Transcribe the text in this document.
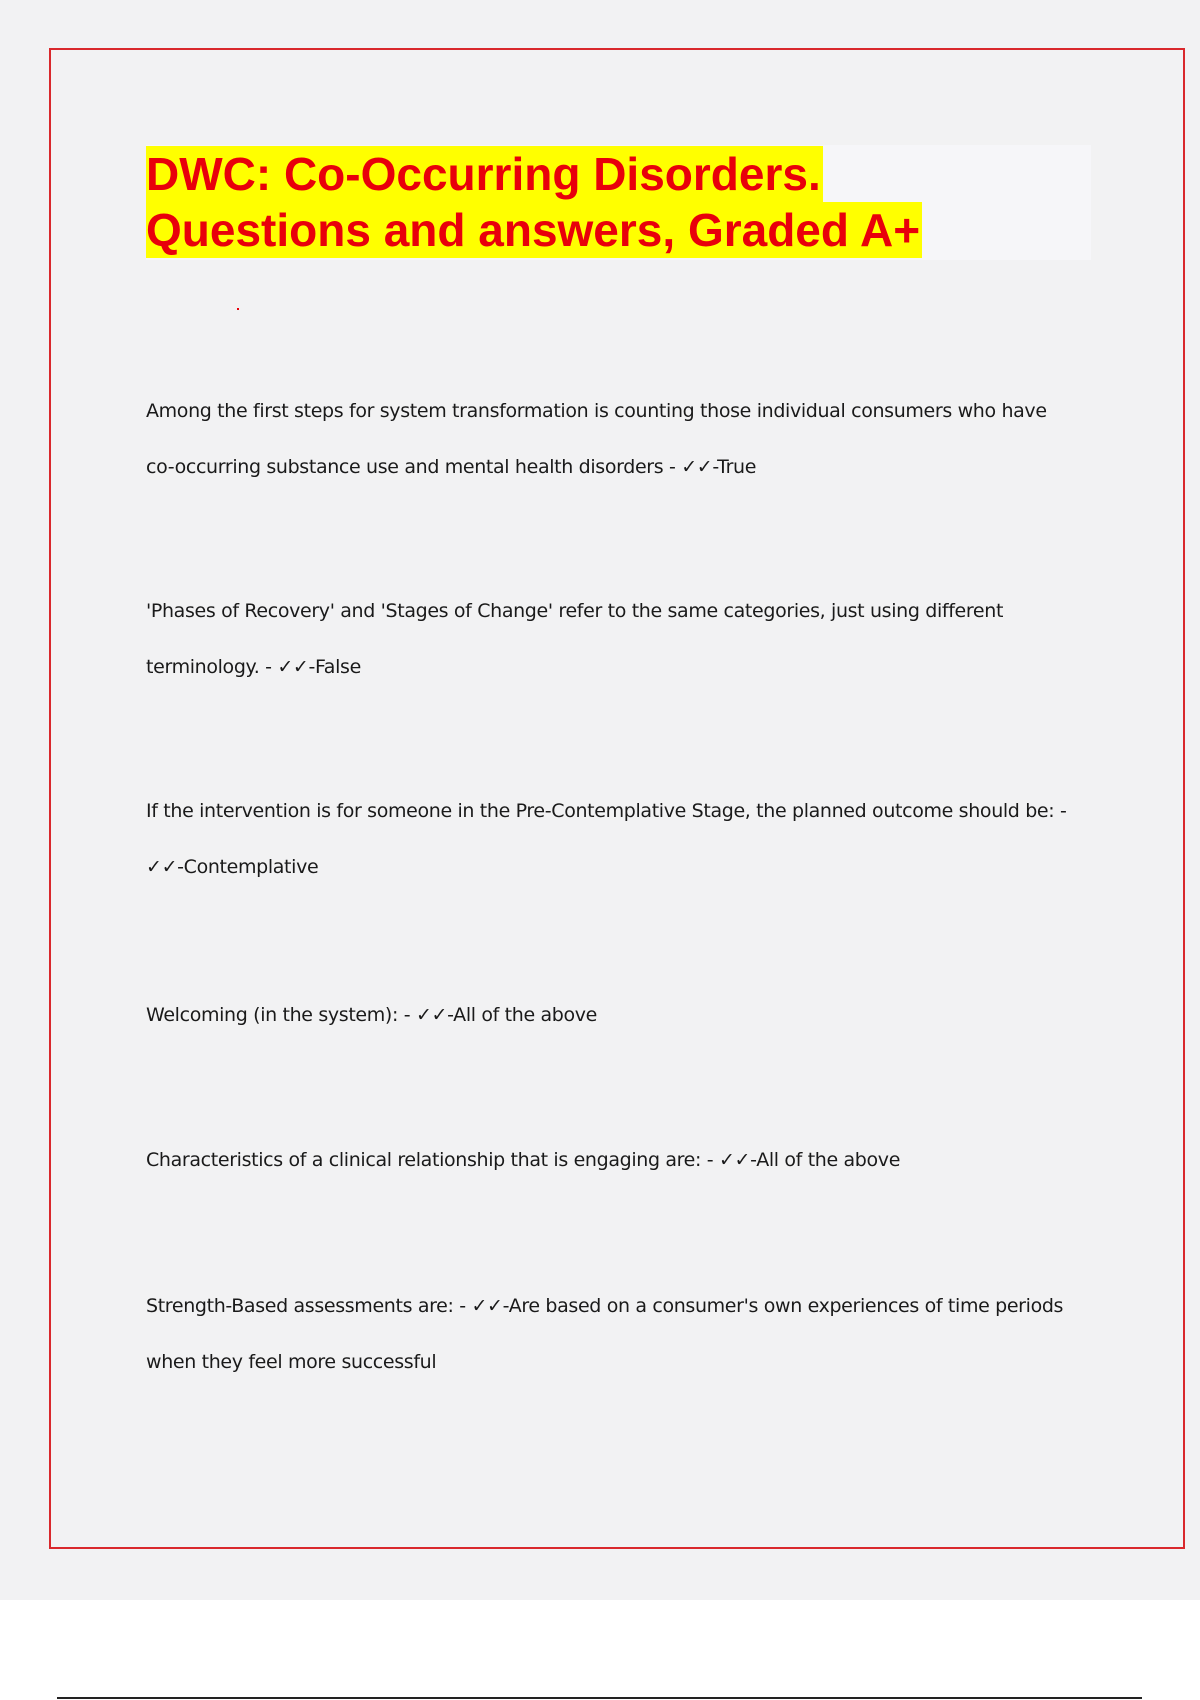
DWC: Co-Occurring Disorders.
Questions and answers, Graded A+
Among the first steps for system transformation is counting those individual consumers who have co-occurring substance use and mental health disorders - ✓✓-True
'Phases of Recovery' and 'Stages of Change' refer to the same categories, just using different terminology. - ✓✓-False
If the intervention is for someone in the Pre-Contemplative Stage, the planned outcome should be: - ✓✓-Contemplative
Welcoming (in the system): - ✓✓-All of the above
Characteristics of a clinical relationship that is engaging are: - ✓✓-All of the above
Strength-Based assessments are: - ✓✓-Are based on a consumer's own experiences of time periods when they feel more successful
